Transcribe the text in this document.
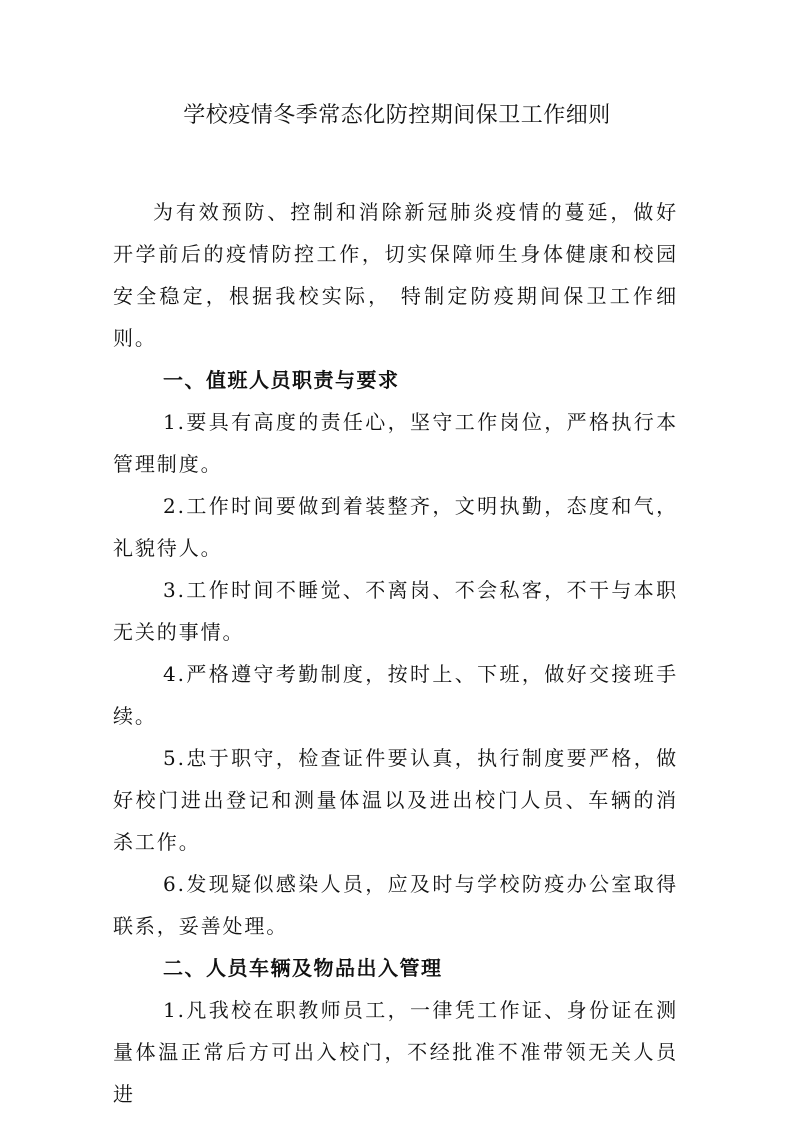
学校疫情冬季常态化防控期间保卫工作细则

为有效预防、控制和消除新冠肺炎疫情的蔓延，做好开学前后的疫情防控工作，切实保障师生身体健康和校园安全稳定，根据我校实际， 特制定防疫期间保卫工作细则。

一、值班人员职责与要求

1.要具有高度的责任心，坚守工作岗位，严格执行本管理制度。

2.工作时间要做到着装整齐，文明执勤，态度和气，礼貌待人。

3.工作时间不睡觉、不离岗、不会私客，不干与本职无关的事情。

4.严格遵守考勤制度，按时上、下班，做好交接班手续。

5.忠于职守，检查证件要认真，执行制度要严格，做好校门进出登记和测量体温以及进出校门人员、车辆的消杀工作。

6.发现疑似感染人员，应及时与学校防疫办公室取得联系，妥善处理。

二、人员车辆及物品出入管理

1.凡我校在职教师员工，一律凭工作证、身份证在测量体温正常后方可出入校门，不经批准不准带领无关人员进
